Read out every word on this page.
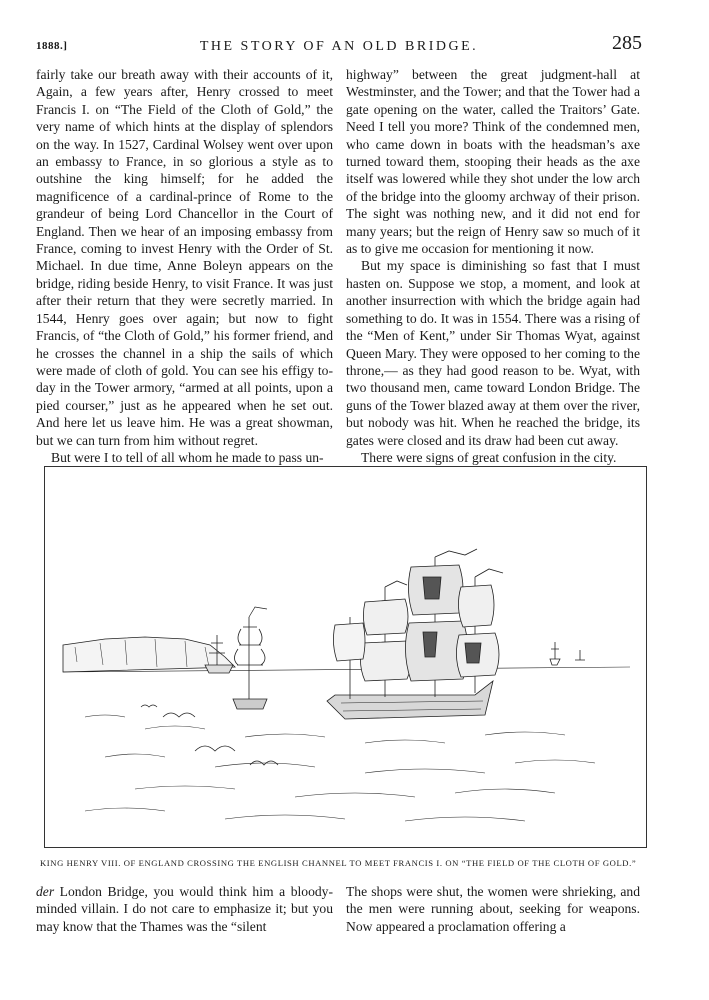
1888.]	THE STORY OF AN OLD BRIDGE.	285

fairly take our breath away with their accounts of it, Again, a few years after, Henry crossed to meet Francis I. on “The Field of the Cloth of Gold,” the very name of which hints at the display of splendors on the way. In 1527, Cardinal Wolsey went over upon an embassy to France, in so glorious a style as to outshine the king himself; for he added the magnificence of a cardinal-prince of Rome to the grandeur of being Lord Chancellor in the Court of England. Then we hear of an imposing embassy from France, coming to invest Henry with the Order of St. Michael. In due time, Anne Boleyn appears on the bridge, riding beside Henry, to visit France. It was just after their return that they were secretly married. In 1544, Henry goes over again; but now to fight Francis, of “the Cloth of Gold,” his former friend, and he crosses the channel in a ship the sails of which were made of cloth of gold. You can see his effigy to-day in the Tower armory, “armed at all points, upon a pied courser,” just as he appeared when he set out. And here let us leave him. He was a great showman, but we can turn from him without regret.

But were I to tell of all whom he made to pass un-

highway” between the great judgment-hall at Westminster, and the Tower; and that the Tower had a gate opening on the water, called the Traitors’ Gate. Need I tell you more? Think of the condemned men, who came down in boats with the headsman’s axe turned toward them, stooping their heads as the axe itself was lowered while they shot under the low arch of the bridge into the gloomy archway of their prison. The sight was nothing new, and it did not end for many years; but the reign of Henry saw so much of it as to give me occasion for mentioning it now.

But my space is diminishing so fast that I must hasten on. Suppose we stop, a moment, and look at another insurrection with which the bridge again had something to do. It was in 1554. There was a rising of the “Men of Kent,” under Sir Thomas Wyat, against Queen Mary. They were opposed to her coming to the throne,— as they had good reason to be. Wyat, with two thousand men, came toward London Bridge. The guns of the Tower blazed away at them over the river, but nobody was hit. When he reached the bridge, its gates were closed and its draw had been cut away.

There were signs of great confusion in the city.

KING HENRY VIII. OF ENGLAND CROSSING THE ENGLISH CHANNEL TO MEET FRANCIS I. ON “THE FIELD OF THE CLOTH OF GOLD.”

der London Bridge, you would think him a bloody-minded villain. I do not care to emphasize it; but you may know that the Thames was the “silent

The shops were shut, the women were shrieking, and the men were running about, seeking for weapons. Now appeared a proclamation offering a
